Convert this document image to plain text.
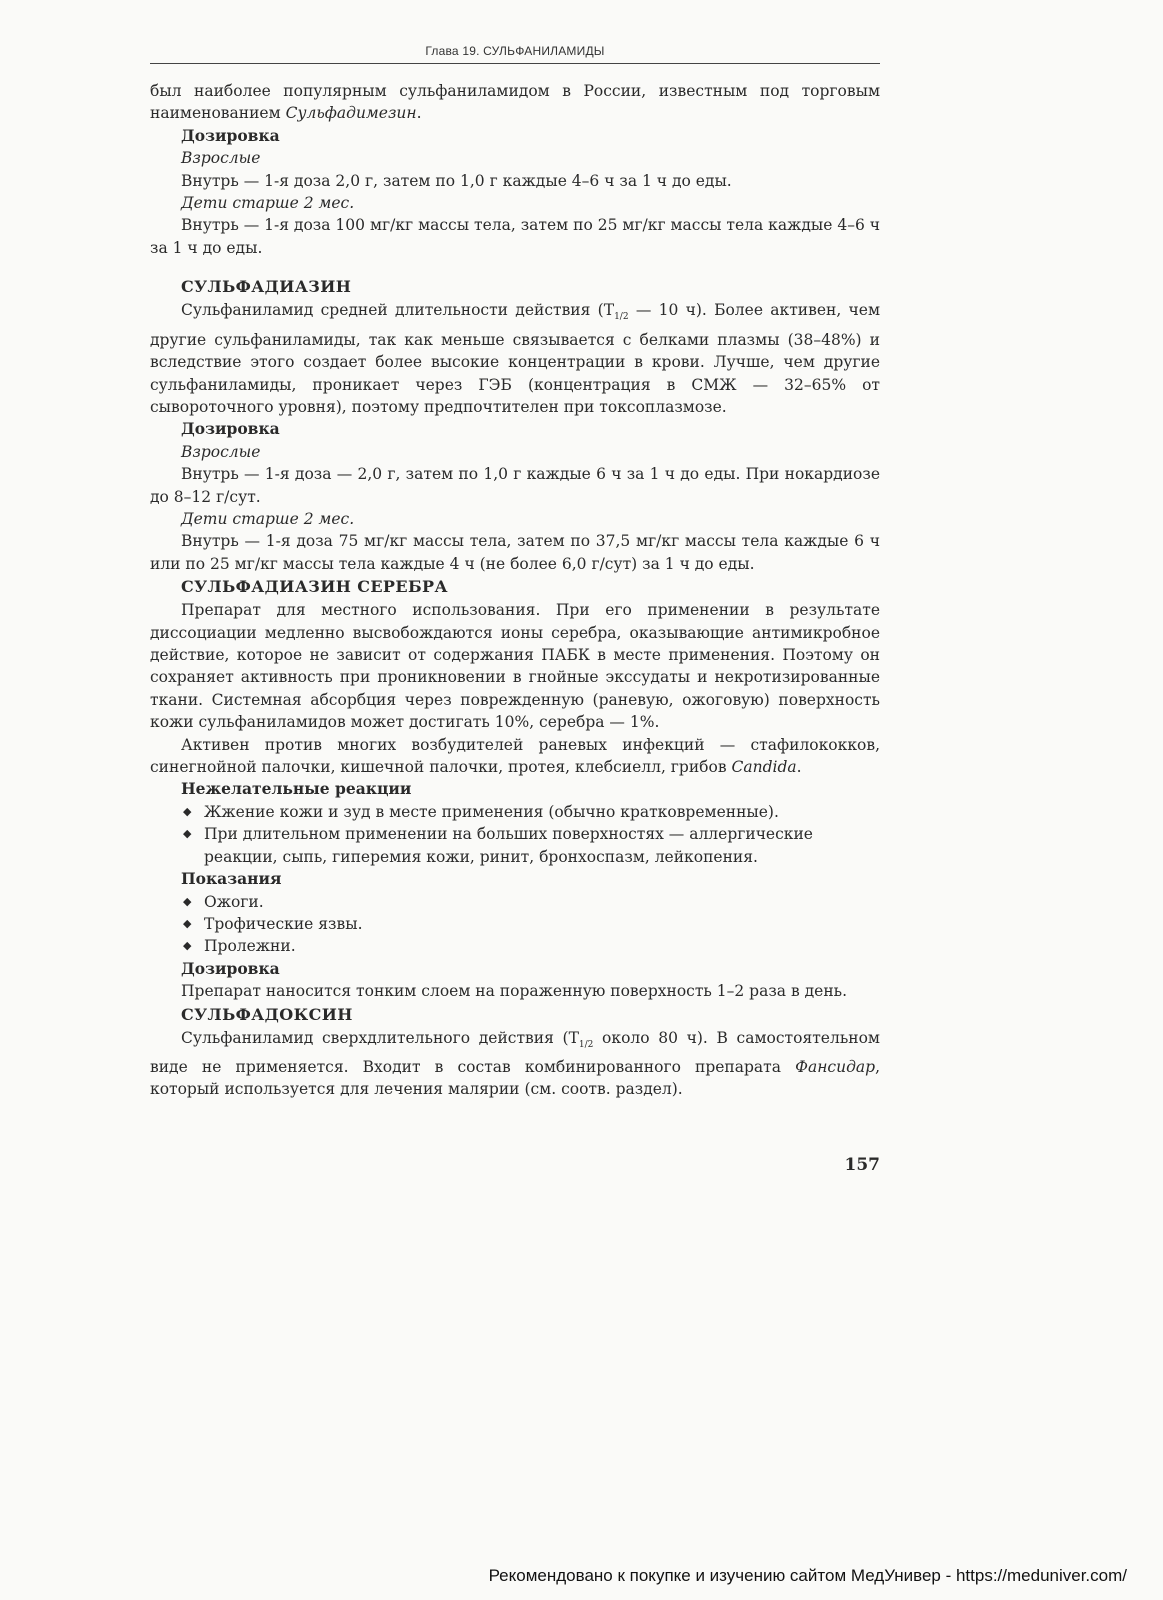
Глава 19. СУЛЬФАНИЛАМИДЫ

был наиболее популярным сульфаниламидом в России, известным под торговым наименованием Сульфадимезин.

Дозировка

Взрослые

Внутрь — 1-я доза 2,0 г, затем по 1,0 г каждые 4–6 ч за 1 ч до еды.

Дети старше 2 мес.

Внутрь — 1-я доза 100 мг/кг массы тела, затем по 25 мг/кг массы тела каждые 4–6 ч за 1 ч до еды.

СУЛЬФАДИАЗИН

Сульфаниламид средней длительности действия ($Т_{1/2}$ — 10 ч). Более активен, чем другие сульфаниламиды, так как меньше связывается с белками плазмы (38–48%) и вследствие этого создает более высокие концентрации в крови. Лучше, чем другие сульфаниламиды, проникает через ГЭБ (концентрация в СМЖ — 32–65% от сывороточного уровня), поэтому предпочтителен при токсоплазмозе.

Дозировка

Взрослые

Внутрь — 1-я доза — 2,0 г, затем по 1,0 г каждые 6 ч за 1 ч до еды. При нокардиозе до 8–12 г/сут.

Дети старше 2 мес.

Внутрь — 1-я доза 75 мг/кг массы тела, затем по 37,5 мг/кг массы тела каждые 6 ч или по 25 мг/кг массы тела каждые 4 ч (не более 6,0 г/сут) за 1 ч до еды.

СУЛЬФАДИАЗИН СЕРЕБРА

Препарат для местного использования. При его применении в результате диссоциации медленно высвобождаются ионы серебра, оказывающие антимикробное действие, которое не зависит от содержания ПАБК в месте применения. Поэтому он сохраняет активность при проникновении в гнойные экссудаты и некротизированные ткани. Системная абсорбция через поврежденную (раневую, ожоговую) поверхность кожи сульфаниламидов может достигать 10%, серебра — 1%.

Активен против многих возбудителей раневых инфекций — стафилококков, синегнойной палочки, кишечной палочки, протея, клебсиелл, грибов Candida.

Нежелательные реакции

◆ Жжение кожи и зуд в месте применения (обычно кратковременные).
◆ При длительном применении на больших поверхностях — аллергические реакции, сыпь, гиперемия кожи, ринит, бронхоспазм, лейкопения.

Показания

◆ Ожоги.
◆ Трофические язвы.
◆ Пролежни.

Дозировка

Препарат наносится тонким слоем на пораженную поверхность 1–2 раза в день.

СУЛЬФАДОКСИН

Сульфаниламид сверхдлительного действия ($Т_{1/2}$ около 80 ч). В самостоятельном виде не применяется. Входит в состав комбинированного препарата Фансидар, который используется для лечения малярии (см. соотв. раздел).

157
Рекомендовано к покупке и изучению сайтом МедУнивер - https://meduniver.com/
